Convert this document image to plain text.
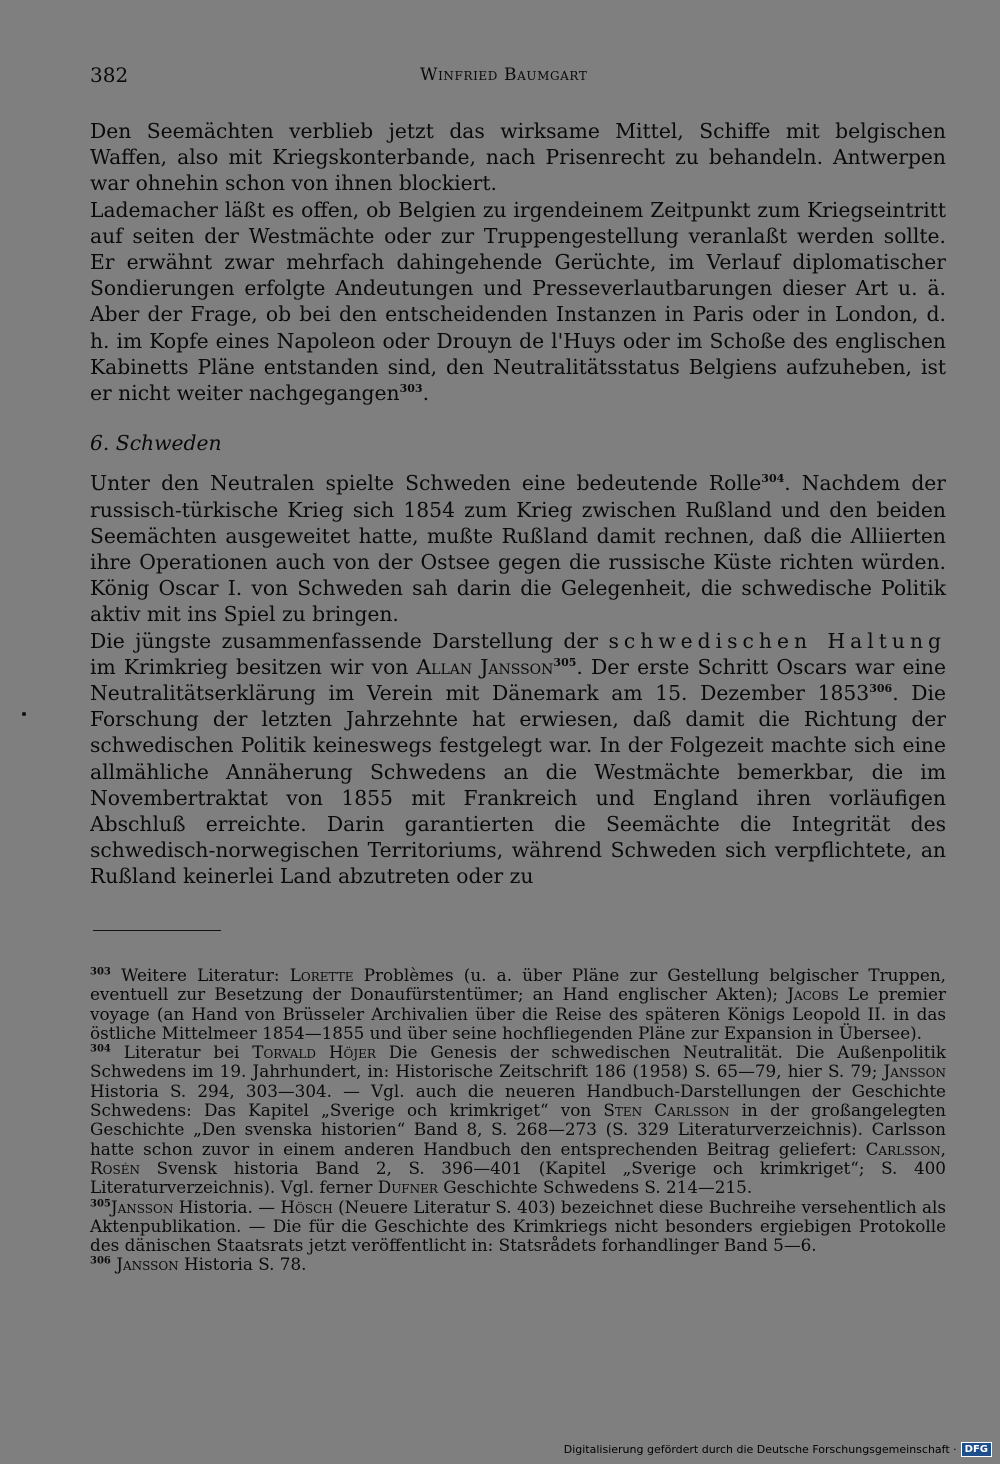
382	Winfried Baumgart

Den Seemächten verblieb jetzt das wirksame Mittel, Schiffe mit belgischen Waffen, also mit Kriegskonterbande, nach Prisenrecht zu behandeln. Antwerpen war ohnehin schon von ihnen blockiert.

Lademacher läßt es offen, ob Belgien zu irgendeinem Zeitpunkt zum Kriegseintritt auf seiten der Westmächte oder zur Truppengestellung veranlaßt werden sollte. Er erwähnt zwar mehrfach dahingehende Gerüchte, im Verlauf diplomatischer Sondierungen erfolgte Andeutungen und Presseverlautbarungen dieser Art u. ä. Aber der Frage, ob bei den entscheidenden Instanzen in Paris oder in London, d. h. im Kopfe eines Napoleon oder Drouyn de l'Huys oder im Schoße des englischen Kabinetts Pläne entstanden sind, den Neutralitätsstatus Belgiens aufzuheben, ist er nicht weiter nachgegangen$^{303}$.

6. Schweden

Unter den Neutralen spielte Schweden eine bedeutende Rolle$^{304}$. Nachdem der russisch-türkische Krieg sich 1854 zum Krieg zwischen Rußland und den beiden Seemächten ausgeweitet hatte, mußte Rußland damit rechnen, daß die Alliierten ihre Operationen auch von der Ostsee gegen die russische Küste richten würden. König Oscar I. von Schweden sah darin die Gelegenheit, die schwedische Politik aktiv mit ins Spiel zu bringen.

Die jüngste zusammenfassende Darstellung der schwedischen Haltung im Krimkrieg besitzen wir von Allan Jansson$^{305}$. Der erste Schritt Oscars war eine Neutralitätserklärung im Verein mit Dänemark am 15. Dezember 1853$^{306}$. Die Forschung der letzten Jahrzehnte hat erwiesen, daß damit die Richtung der schwedischen Politik keineswegs festgelegt war. In der Folgezeit machte sich eine allmähliche Annäherung Schwedens an die Westmächte bemerkbar, die im Novembertraktat von 1855 mit Frankreich und England ihren vorläufigen Abschluß erreichte. Darin garantierten die Seemächte die Integrität des schwedisch-norwegischen Territoriums, während Schweden sich verpflichtete, an Rußland keinerlei Land abzutreten oder zu

$^{303}$ Weitere Literatur: Lorette Problèmes (u. a. über Pläne zur Gestellung belgischer Truppen, eventuell zur Besetzung der Donaufürstentümer; an Hand englischer Akten); Jacobs Le premier voyage (an Hand von Brüsseler Archivalien über die Reise des späteren Königs Leopold II. in das östliche Mittelmeer 1854—1855 und über seine hochfliegenden Pläne zur Expansion in Übersee).

$^{304}$ Literatur bei Torvald Höjer Die Genesis der schwedischen Neutralität. Die Außenpolitik Schwedens im 19. Jahrhundert, in: Historische Zeitschrift 186 (1958) S. 65—79, hier S. 79; Jansson Historia S. 294, 303—304. — Vgl. auch die neueren Handbuch-Darstellungen der Geschichte Schwedens: Das Kapitel „Sverige och krimkriget“ von Sten Carlsson in der großangelegten Geschichte „Den svenska historien“ Band 8, S. 268—273 (S. 329 Literaturverzeichnis). Carlsson hatte schon zuvor in einem anderen Handbuch den entsprechenden Beitrag geliefert: Carlsson, Rosén Svensk historia Band 2, S. 396—401 (Kapitel „Sverige och krimkriget“; S. 400 Literaturverzeichnis). Vgl. ferner Dufner Geschichte Schwedens S. 214—215.

$^{305}$Jansson Historia. — Hösch (Neuere Literatur S. 403) bezeichnet diese Buchreihe versehentlich als Aktenpublikation. — Die für die Geschichte des Krimkriegs nicht besonders ergiebigen Protokolle des dänischen Staatsrats jetzt veröffentlicht in: Statsrådets forhandlinger Band 5—6.

$^{306}$ Jansson Historia S. 78.

Digitalisierung gefördert durch die Deutsche Forschungsgemeinschaft · DFG
